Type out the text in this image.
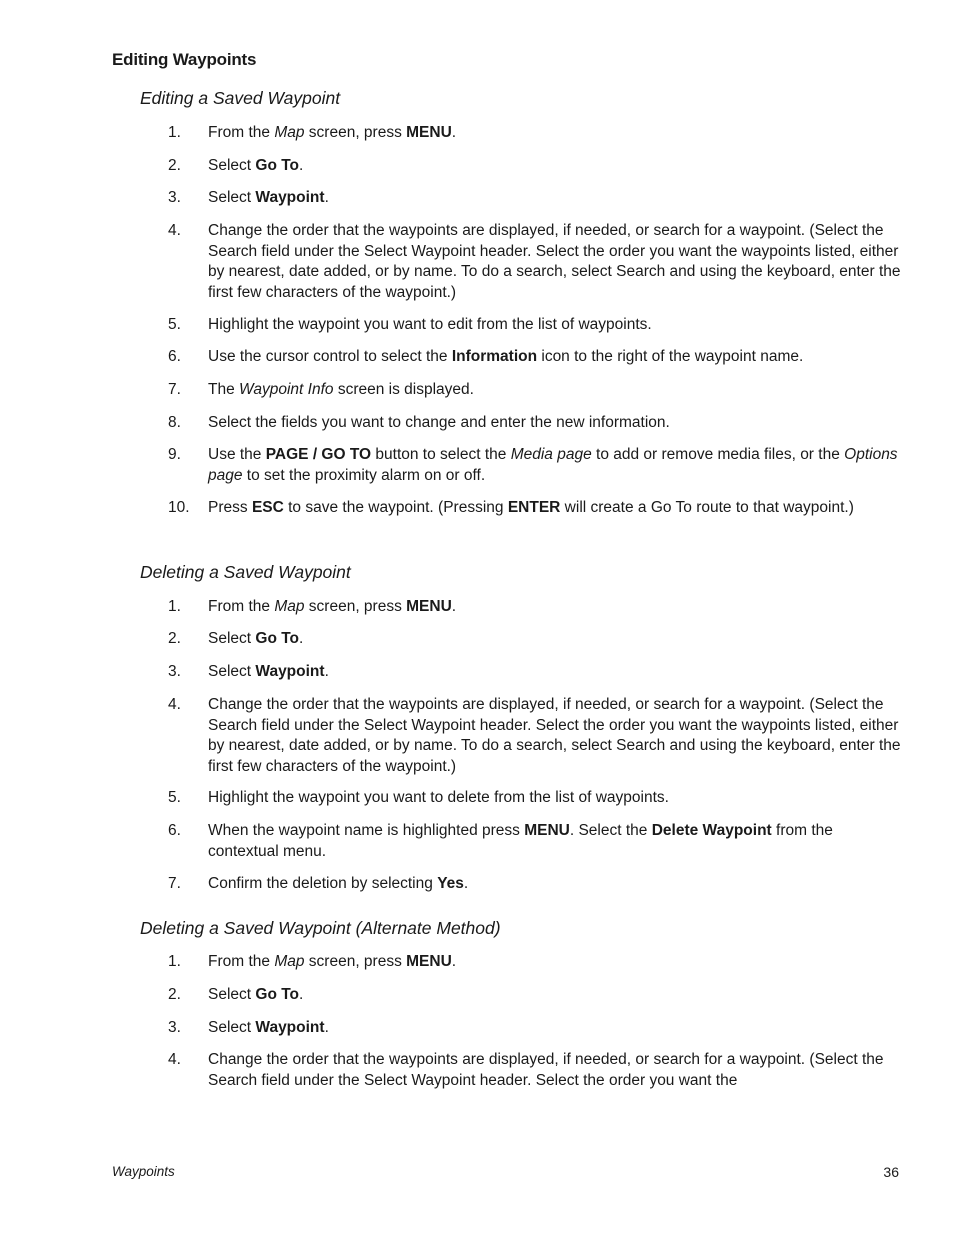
Editing Waypoints
Editing a Saved Waypoint
1. From the Map screen, press MENU.
2. Select Go To.
3. Select Waypoint.
4. Change the order that the waypoints are displayed, if needed, or search for a waypoint. (Select the Search field under the Select Waypoint header. Select the order you want the waypoints listed, either by nearest, date added, or by name. To do a search, select Search and using the keyboard, enter the first few characters of the waypoint.)
5. Highlight the waypoint you want to edit from the list of waypoints.
6. Use the cursor control to select the Information icon to the right of the waypoint name.
7. The Waypoint Info screen is displayed.
8. Select the fields you want to change and enter the new information.
9. Use the PAGE / GO TO button to select the Media page to add or remove media files, or the Options page to set the proximity alarm on or off.
10. Press ESC to save the waypoint. (Pressing ENTER will create a Go To route to that waypoint.)
Deleting a Saved Waypoint
1. From the Map screen, press MENU.
2. Select Go To.
3. Select Waypoint.
4. Change the order that the waypoints are displayed, if needed, or search for a waypoint. (Select the Search field under the Select Waypoint header. Select the order you want the waypoints listed, either by nearest, date added, or by name. To do a search, select Search and using the keyboard, enter the first few characters of the waypoint.)
5. Highlight the waypoint you want to delete from the list of waypoints.
6. When the waypoint name is highlighted press MENU. Select the Delete Waypoint from the contextual menu.
7. Confirm the deletion by selecting Yes.
Deleting a Saved Waypoint (Alternate Method)
1. From the Map screen, press MENU.
2. Select Go To.
3. Select Waypoint.
4. Change the order that the waypoints are displayed, if needed, or search for a waypoint. (Select the Search field under the Select Waypoint header. Select the order you want the
Waypoints	36
